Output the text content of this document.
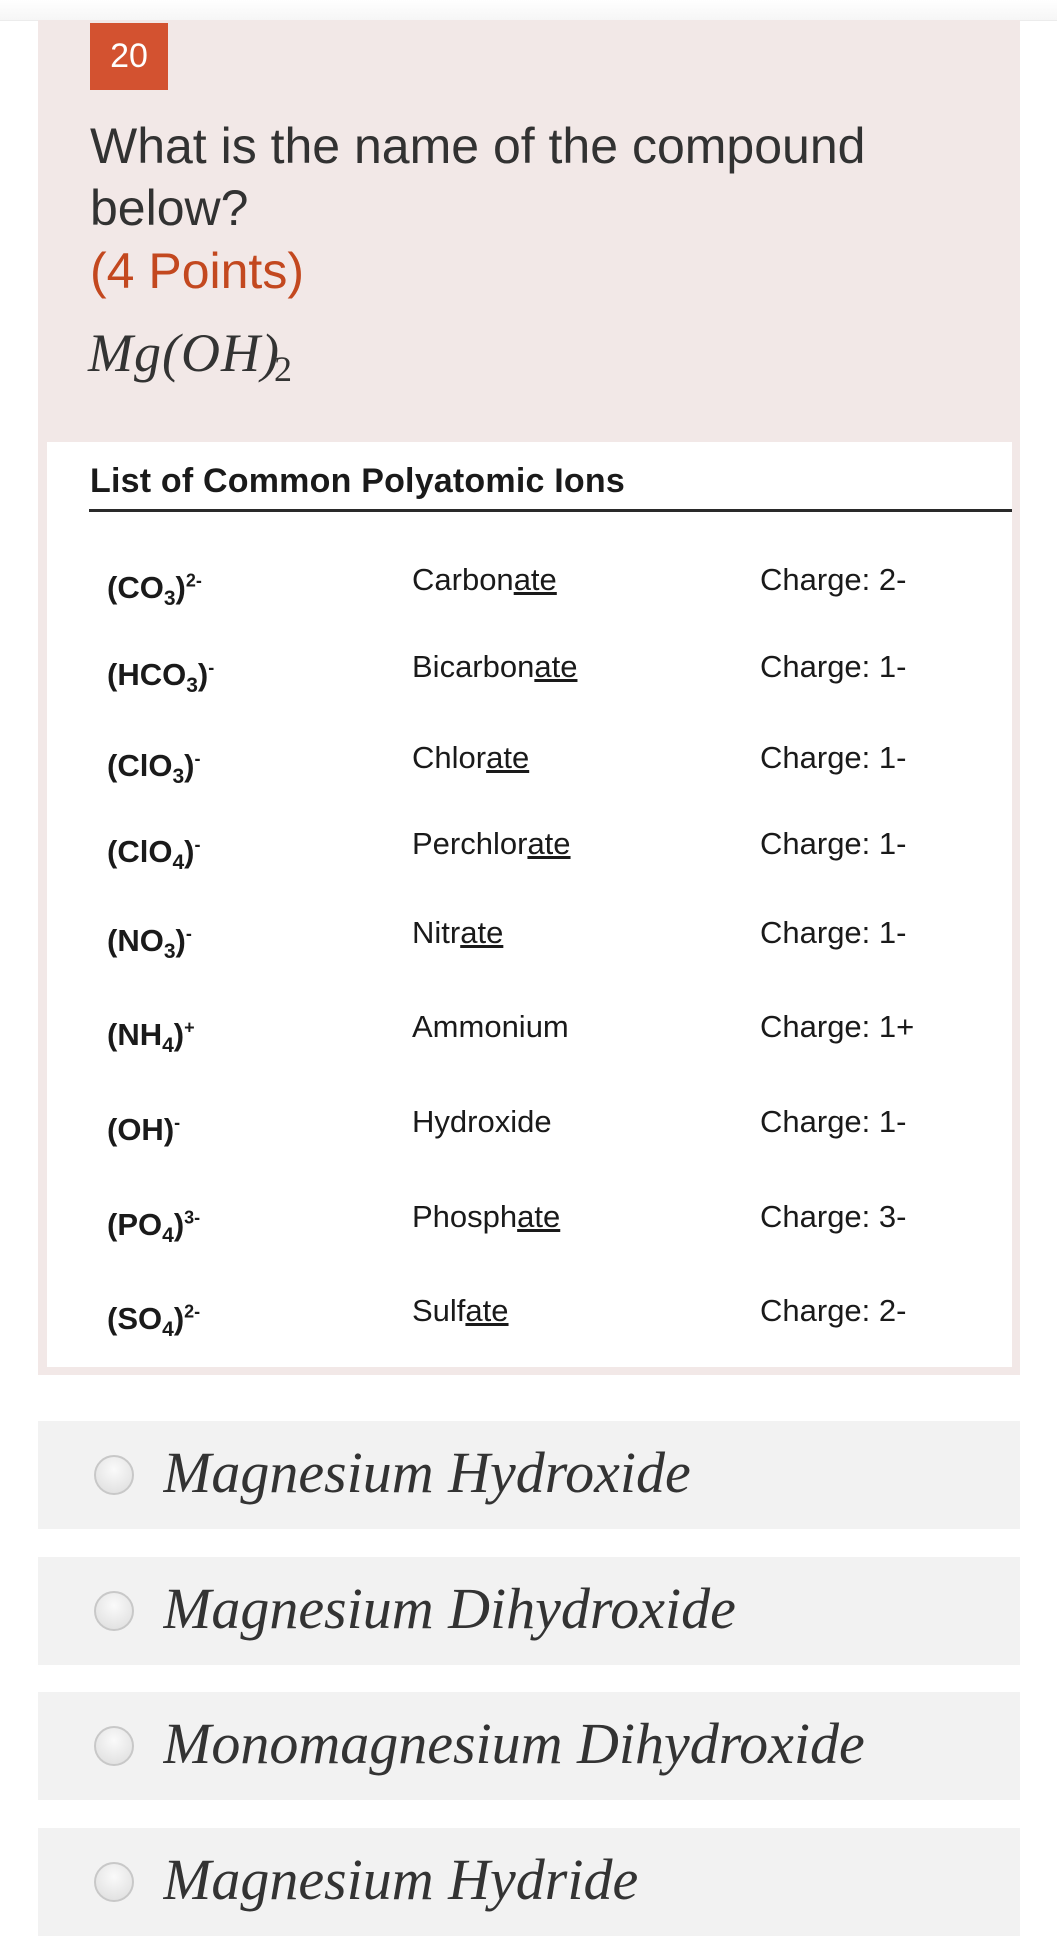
20
What is the name of the compound below?
(4 Points)
Mg(OH)2
List of Common Polyatomic Ions
$(CO_3)^{2-}$	Carbonate	Charge: 2-
$(HCO_3)^-$	Bicarbonate	Charge: 1-
(ClO$_3$)-	Chlorate	Charge: 1-
(ClO$_4$)-	Perchlorate	Charge: 1-
$(NO_3)^-$	Nitrate	Charge: 1-
$(NH_4)^+$	Ammonium	Charge: 1+
(OH)-	Hydroxide	Charge: 1-
$(PO_4)^{3-}$	Phosphate	Charge: 3-
$(SO_4)^{2-}$	Sulfate	Charge: 2-
Magnesium Hydroxide
Magnesium Dihydroxide
Monomagnesium Dihydroxide
Magnesium Hydride
